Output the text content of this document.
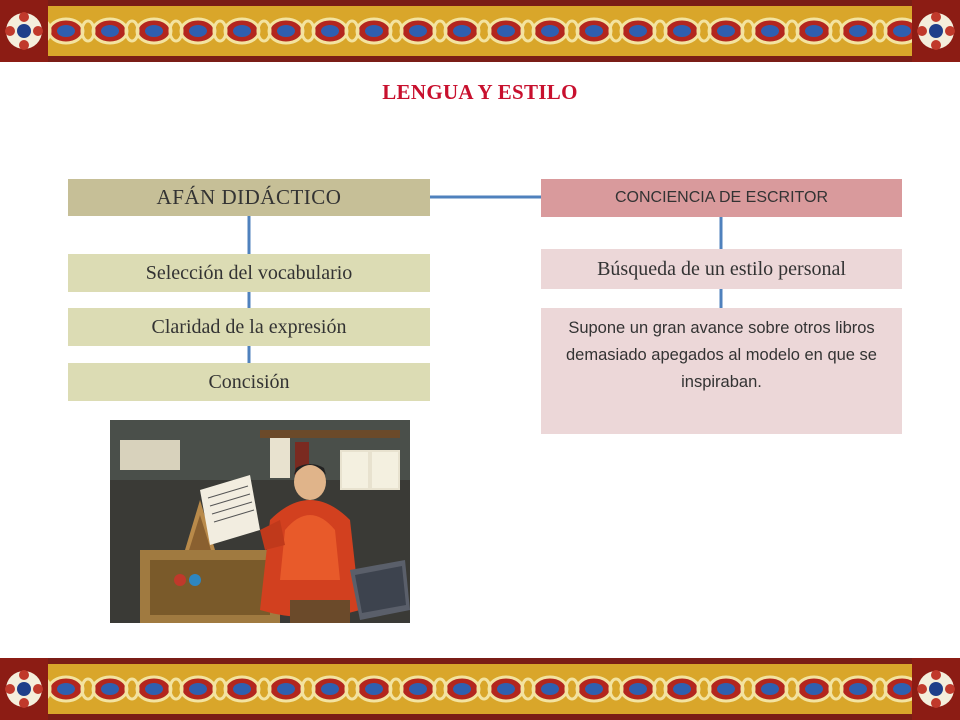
LENGUA Y ESTILO
AFÁN DIDÁCTICO
Selección del vocabulario
Claridad de la expresión
Concisión
CONCIENCIA DE ESCRITOR
Búsqueda de un estilo personal
Supone un gran avance sobre otros libros demasiado apegados al modelo en que se inspiraban.
